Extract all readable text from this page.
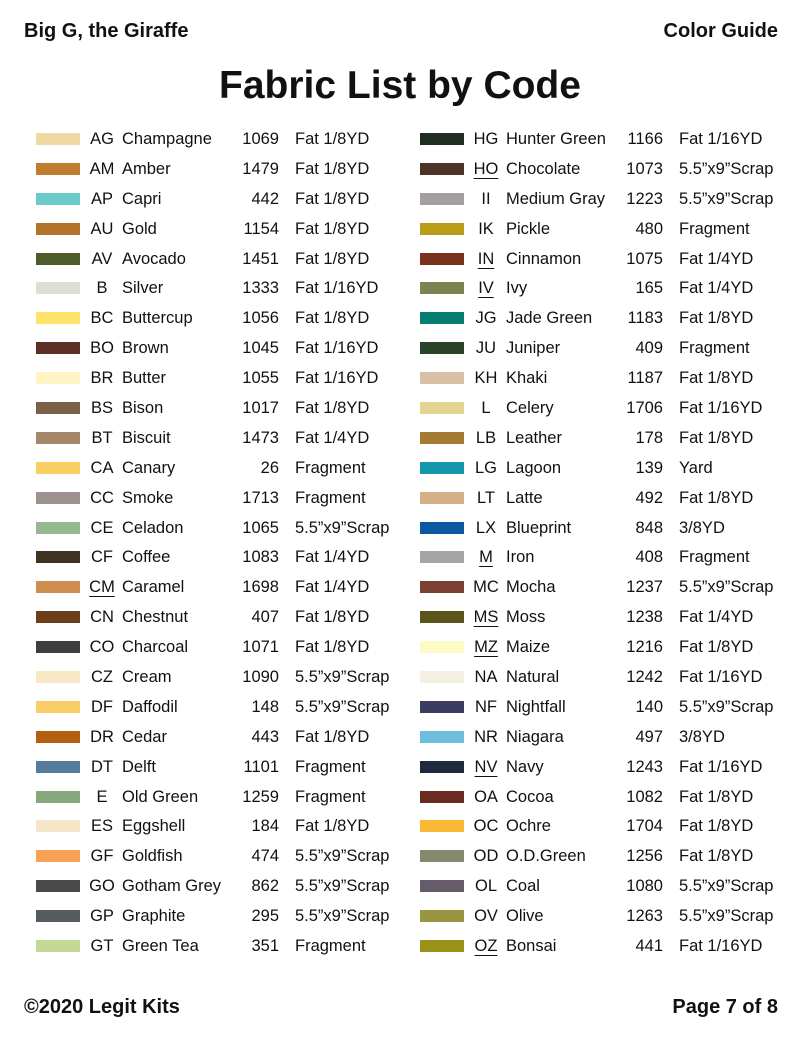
Big G, the Giraffe	Color Guide
Fabric List by Code
AG Champagne	1069 Fat 1/8YD
AM Amber	1479 Fat 1/8YD
AP Capri	442 Fat 1/8YD
AU Gold	1154 Fat 1/8YD
AV Avocado	1451 Fat 1/8YD
B Silver	1333 Fat 1/16YD
BC Buttercup	1056 Fat 1/8YD
BO Brown	1045 Fat 1/16YD
BR Butter	1055 Fat 1/16YD
BS Bison	1017 Fat 1/8YD
BT Biscuit	1473 Fat 1/4YD
CA Canary	26 Fragment
CC Smoke	1713 Fragment
CE Celadon	1065 5.5”x9”Scrap
CF Coffee	1083 Fat 1/4YD
CM Caramel	1698 Fat 1/4YD
CN Chestnut	407 Fat 1/8YD
CO Charcoal	1071 Fat 1/8YD
CZ Cream	1090 5.5”x9”Scrap
DF Daffodil	148 5.5”x9”Scrap
DR Cedar	443 Fat 1/8YD
DT Delft	1101 Fragment
E Old Green	1259 Fragment
ES Eggshell	184 Fat 1/8YD
GF Goldfish	474 5.5”x9”Scrap
GO Gotham Grey	862 5.5”x9”Scrap
GP Graphite	295 5.5”x9”Scrap
GT Green Tea	351 Fragment
HG Hunter Green	1166 Fat 1/16YD
HO Chocolate	1073 5.5”x9”Scrap
II Medium Gray	1223 5.5”x9”Scrap
IK Pickle	480 Fragment
IN Cinnamon	1075 Fat 1/4YD
IV Ivy	165 Fat 1/4YD
JG Jade Green	1183 Fat 1/8YD
JU Juniper	409 Fragment
KH Khaki	1187 Fat 1/8YD
L Celery	1706 Fat 1/16YD
LB Leather	178 Fat 1/8YD
LG Lagoon	139 Yard
LT Latte	492 Fat 1/8YD
LX Blueprint	848 3/8YD
M Iron	408 Fragment
MC Mocha	1237 5.5”x9”Scrap
MS Moss	1238 Fat 1/4YD
MZ Maize	1216 Fat 1/8YD
NA Natural	1242 Fat 1/16YD
NF Nightfall	140 5.5”x9”Scrap
NR Niagara	497 3/8YD
NV Navy	1243 Fat 1/16YD
OA Cocoa	1082 Fat 1/8YD
OC Ochre	1704 Fat 1/8YD
OD O.D.Green	1256 Fat 1/8YD
OL Coal	1080 5.5”x9”Scrap
OV Olive	1263 5.5”x9”Scrap
OZ Bonsai	441 Fat 1/16YD
©2020 Legit Kits	Page 7 of 8
